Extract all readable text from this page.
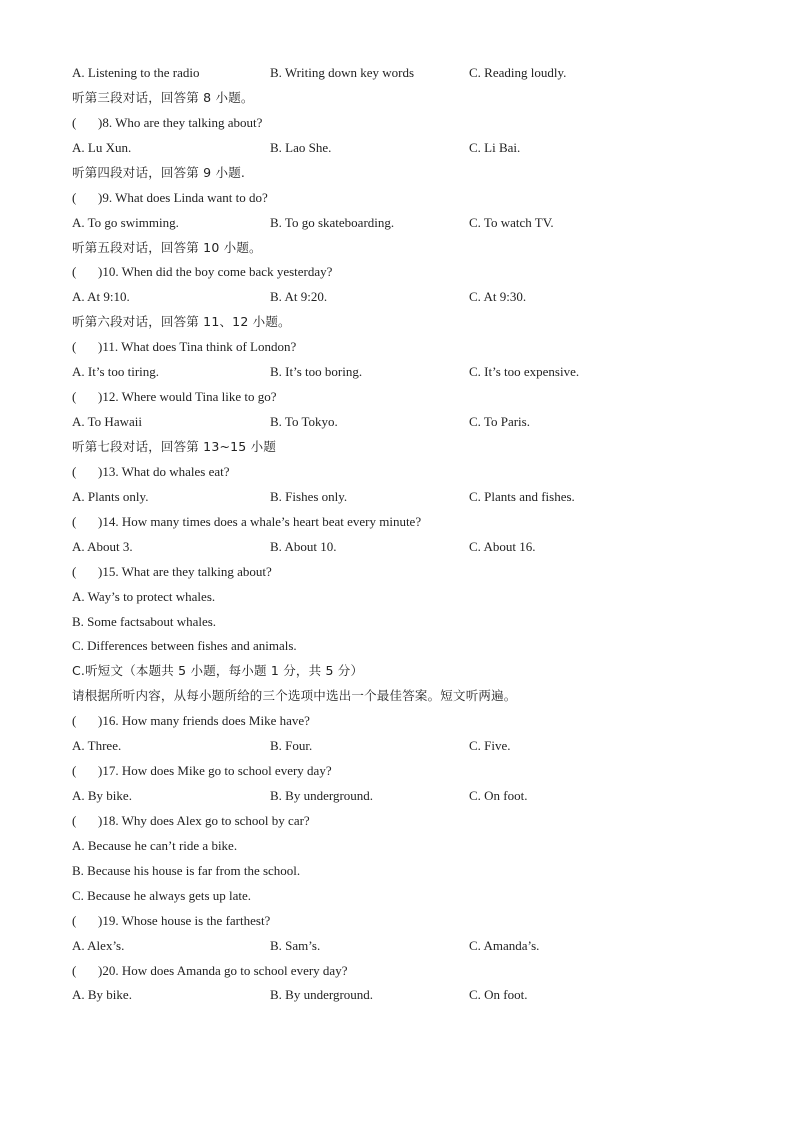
A. Listening to the radio	B. Writing down key words	C. Reading loudly.
听第三段对话，回答第 8 小题。
( )8. Who are they talking about?
A. Lu Xun.	B. Lao She.	C. Li Bai.
听第四段对话，回答第 9 小题.
( )9. What does Linda want to do?
A. To go swimming.	B. To go skateboarding.	C. To watch TV.
听第五段对话，回答第 10 小题。
( )10. When did the boy come back yesterday?
A. At 9:10.	B. At 9:20.	C. At 9:30.
听第六段对话，回答第 11、12 小题。
( )11. What does Tina think of London?
A. It’s too tiring.	B. It’s too boring.	C. It’s too expensive.
( )12. Where would Tina like to go?
A. To Hawaii	B. To Tokyo.	C. To Paris.
听第七段对话，回答第 13~15 小题
( )13. What do whales eat?
A. Plants only.	B. Fishes only.	C. Plants and fishes.
( )14. How many times does a whale’s heart beat every minute?
A. About 3.	B. About 10.	C. About 16.
( )15. What are they talking about?
A. Way’s to protect whales.
B. Some factsabout whales.
C. Differences between fishes and animals.
C.听短文（本题共 5 小题，每小题 1 分，共 5 分）
请根据所听内容，从每小题所给的三个选项中选出一个最佳答案。短文听两遍。
( )16. How many friends does Mike have?
A. Three.	B. Four.	C. Five.
( )17. How does Mike go to school every day?
A. By bike.	B. By underground.	C. On foot.
( )18. Why does Alex go to school by car?
A. Because he can’t ride a bike.
B. Because his house is far from the school.
C. Because he always gets up late.
( )19. Whose house is the farthest?
A. Alex’s.	B. Sam’s.	C. Amanda’s.
( )20. How does Amanda go to school every day?
A. By bike.	B. By underground.	C. On foot.
